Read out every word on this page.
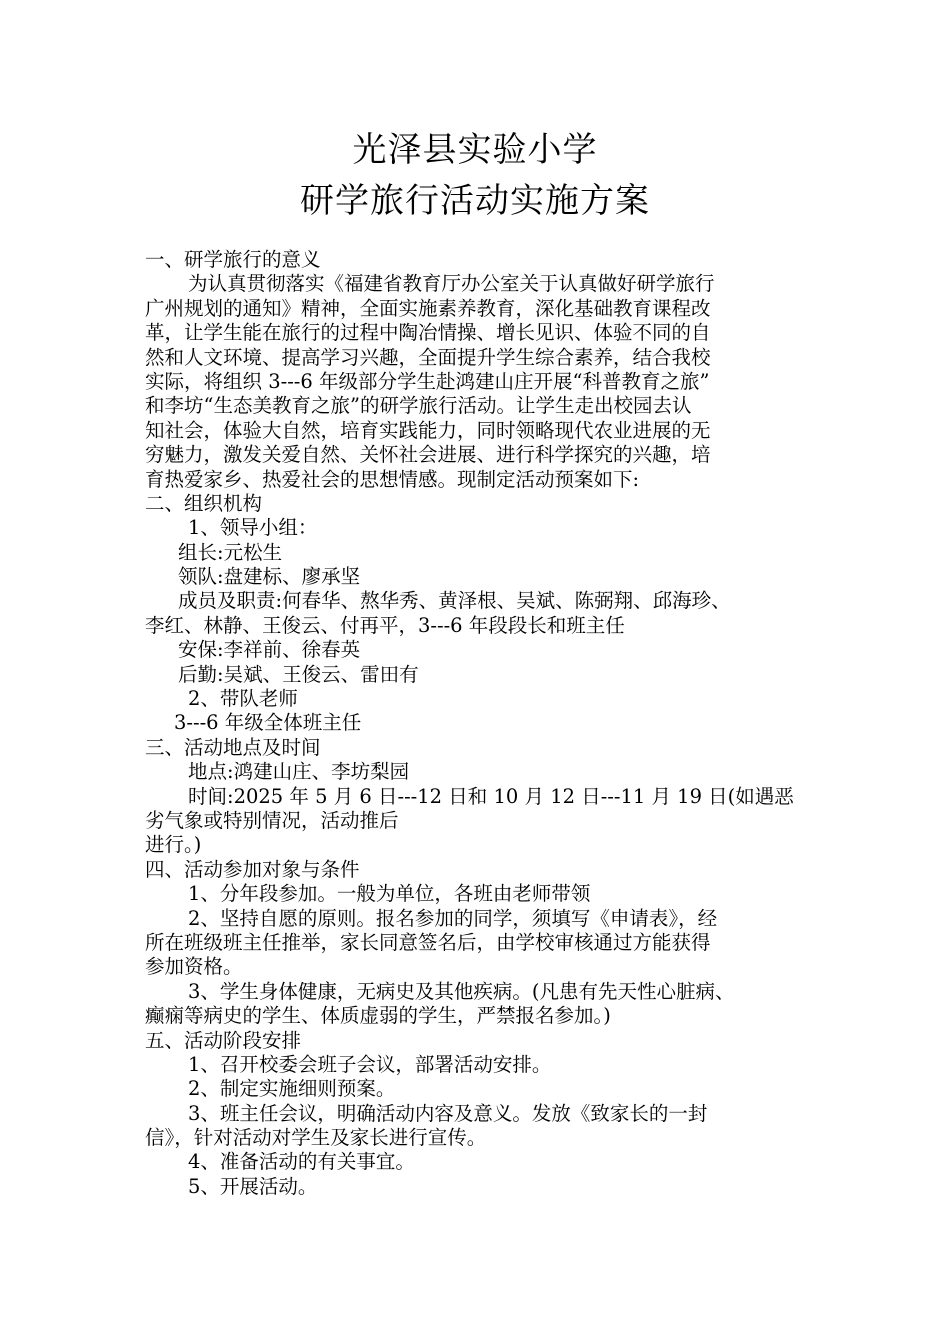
光泽县实验小学
研学旅行活动实施方案
一、研学旅行的意义
为认真贯彻落实《福建省教育厅办公室关于认真做好研学旅行
广州规划的通知》精神，全面实施素养教育，深化基础教育课程改
革，让学生能在旅行的过程中陶冶情操、增长见识、体验不同的自
然和人文环境、提高学习兴趣，全面提升学生综合素养，结合我校
实际，将组织 3---6 年级部分学生赴鸿建山庄开展“科普教育之旅”
和李坊“生态美教育之旅”的研学旅行活动。让学生走出校园去认
知社会，体验大自然，培育实践能力，同时领略现代农业进展的无
穷魅力，激发关爱自然、关怀社会进展、进行科学探究的兴趣，培
育热爱家乡、热爱社会的思想情感。现制定活动预案如下:
二、组织机构
1、领导小组：
组长:元松生
领队:盘建标、廖承坚
成员及职责:何春华、熬华秀、黄泽根、吴斌、陈弼翔、邱海珍、
李红、林静、王俊云、付再平，3---6 年段段长和班主任
安保:李祥前、徐春英
后勤:吴斌、王俊云、雷田有
2、带队老师
3---6 年级全体班主任
三、活动地点及时间
地点:鸿建山庄、李坊梨园
时间:2025 年 5 月 6 日---12 日和 10 月 12 日---11 月 19 日(如遇恶
劣气象或特别情况，活动推后
进行。)
四、活动参加对象与条件
1、分年段参加。一般为单位，各班由老师带领
2、坚持自愿的原则。报名参加的同学，须填写《申请表》，经
所在班级班主任推举，家长同意签名后，由学校审核通过方能获得
参加资格。
3、学生身体健康，无病史及其他疾病。(凡患有先天性心脏病、
癫痫等病史的学生、体质虚弱的学生，严禁报名参加。)
五、活动阶段安排
1、召开校委会班子会议，部署活动安排。
2、制定实施细则预案。
3、班主任会议，明确活动内容及意义。发放《致家长的一封
信》，针对活动对学生及家长进行宣传。
4、准备活动的有关事宜。
5、开展活动。
